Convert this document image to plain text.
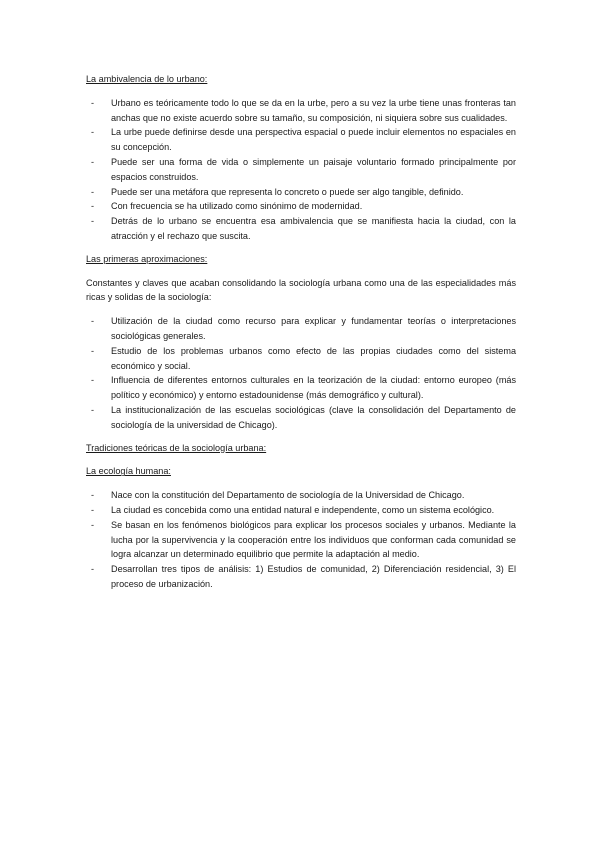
La ambivalencia de lo urbano:
- Urbano es teóricamente todo lo que se da en la urbe, pero a su vez la urbe tiene unas fronteras tan anchas que no existe acuerdo sobre su tamaño, su composición, ni siquiera sobre sus cualidades.
- La urbe puede definirse desde una perspectiva espacial o puede incluir elementos no espaciales en su concepción.
- Puede ser una forma de vida o simplemente un paisaje voluntario formado principalmente por espacios construidos.
- Puede ser una metáfora que representa lo concreto o puede ser algo tangible, definido.
- Con frecuencia se ha utilizado como sinónimo de modernidad.
- Detrás de lo urbano se encuentra esa ambivalencia que se manifiesta hacia la ciudad, con la atracción y el rechazo que suscita.
Las primeras aproximaciones:
Constantes y claves que acaban consolidando la sociología urbana como una de las especialidades más ricas y solidas de la sociología:
- Utilización de la ciudad como recurso para explicar y fundamentar teorías o interpretaciones sociológicas generales.
- Estudio de los problemas urbanos como efecto de las propias ciudades como del sistema económico y social.
- Influencia de diferentes entornos culturales en la teorización de la ciudad: entorno europeo (más político y económico) y entorno estadounidense (más demográfico y cultural).
- La institucionalización de las escuelas sociológicas (clave la consolidación del Departamento de sociología de la universidad de Chicago).
Tradiciones teóricas de la sociología urbana:
La ecología humana:
- Nace con la constitución del Departamento de sociología de la Universidad de Chicago.
- La ciudad es concebida como una entidad natural e independente, como un sistema ecológico.
- Se basan en los fenómenos biológicos para explicar los procesos sociales y urbanos. Mediante la lucha por la supervivencia y la cooperación entre los individuos que conforman cada comunidad se logra alcanzar un determinado equilibrio que permite la adaptación al medio.
- Desarrollan tres tipos de análisis: 1) Estudios de comunidad, 2) Diferenciación residencial, 3) El proceso de urbanización.
